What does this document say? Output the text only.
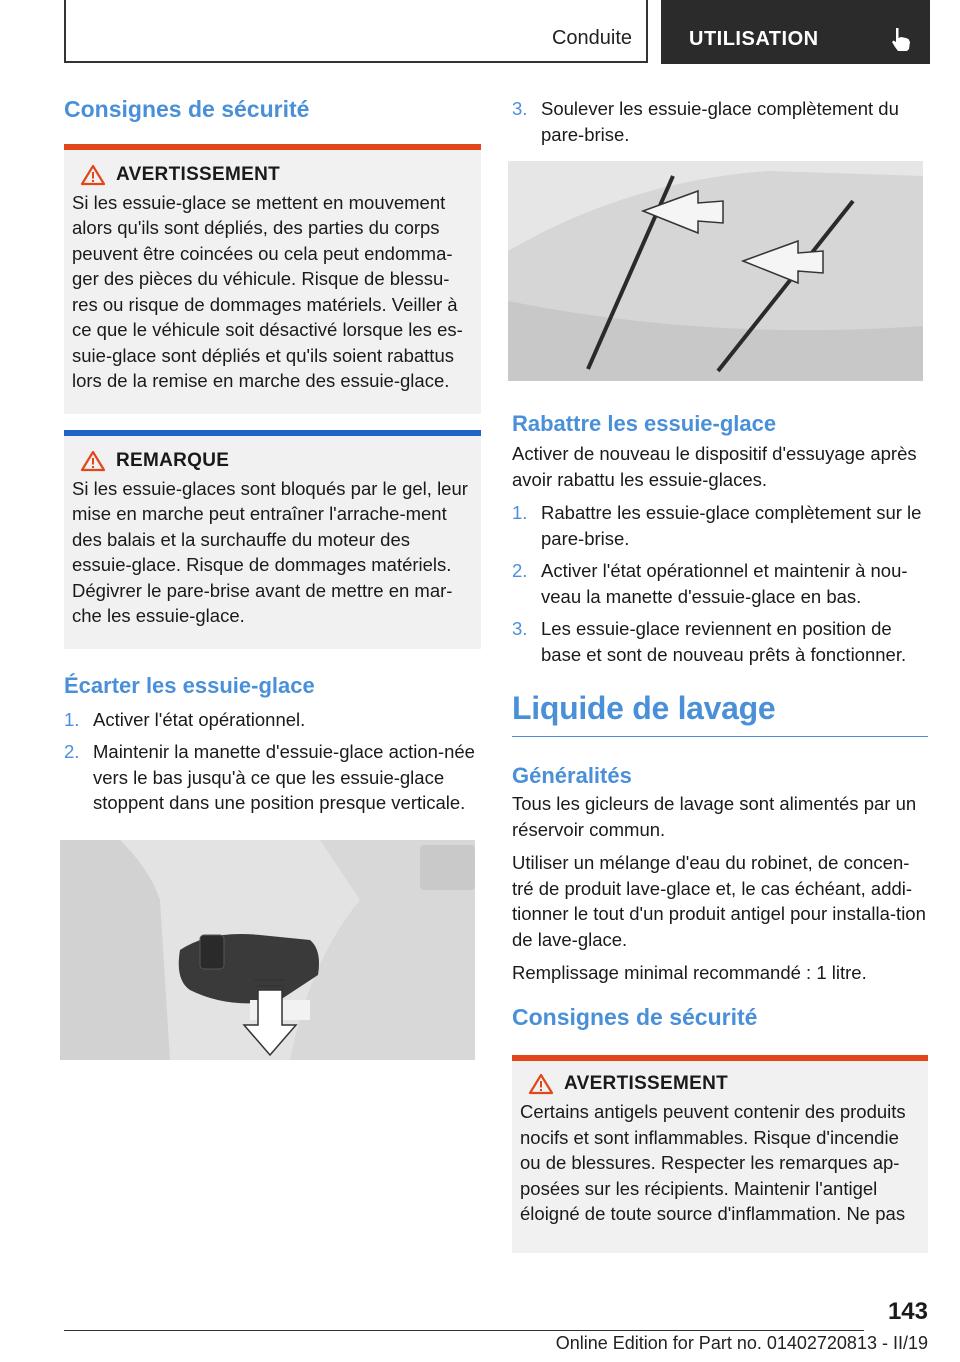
Conduite	UTILISATION
Consignes de sécurité
AVERTISSEMENT

Si les essuie-glace se mettent en mouvement alors qu'ils sont dépliés, des parties du corps peuvent être coincées ou cela peut endomma‐ger des pièces du véhicule. Risque de blessu‐res ou risque de dommages matériels. Veiller à ce que le véhicule soit désactivé lorsque les es‐suie-glace sont dépliés et qu'ils soient rabattus lors de la remise en marche des essuie-glace.

REMARQUE

Si les essuie-glaces sont bloqués par le gel, leur mise en marche peut entraîner l'arrache‐ment des balais et la surchauffe du moteur des essuie-glace. Risque de dommages matériels. Dégivrer le pare-brise avant de mettre en mar‐che les essuie-glace.

Écarter les essuie-glace
1. Activer l'état opérationnel.
2. Maintenir la manette d'essuie-glace action‐née vers le bas jusqu'à ce que les essuie-glace stoppent dans une position presque verticale.
3. Soulever les essuie-glace complètement du pare-brise.
Rabattre les essuie-glace

Activer de nouveau le dispositif d'essuyage après avoir rabattu les essuie-glaces.

1. Rabattre les essuie-glace complètement sur le pare-brise.
2. Activer l'état opérationnel et maintenir à nou‐veau la manette d'essuie-glace en bas.
3. Les essuie-glace reviennent en position de base et sont de nouveau prêts à fonctionner.
Liquide de lavage
Généralités

Tous les gicleurs de lavage sont alimentés par un réservoir commun.

Utiliser un mélange d'eau du robinet, de concen‐tré de produit lave-glace et, le cas échéant, addi‐tionner le tout d'un produit antigel pour installa‐tion de lave-glace.

Remplissage minimal recommandé : 1 litre.

Consignes de sécurité
AVERTISSEMENT

Certains antigels peuvent contenir des produits nocifs et sont inflammables. Risque d'incendie ou de blessures. Respecter les remarques ap‐posées sur les récipients. Maintenir l'antigel éloigné de toute source d'inflammation. Ne pas

143
Online Edition for Part no. 01402720813 - II/19
